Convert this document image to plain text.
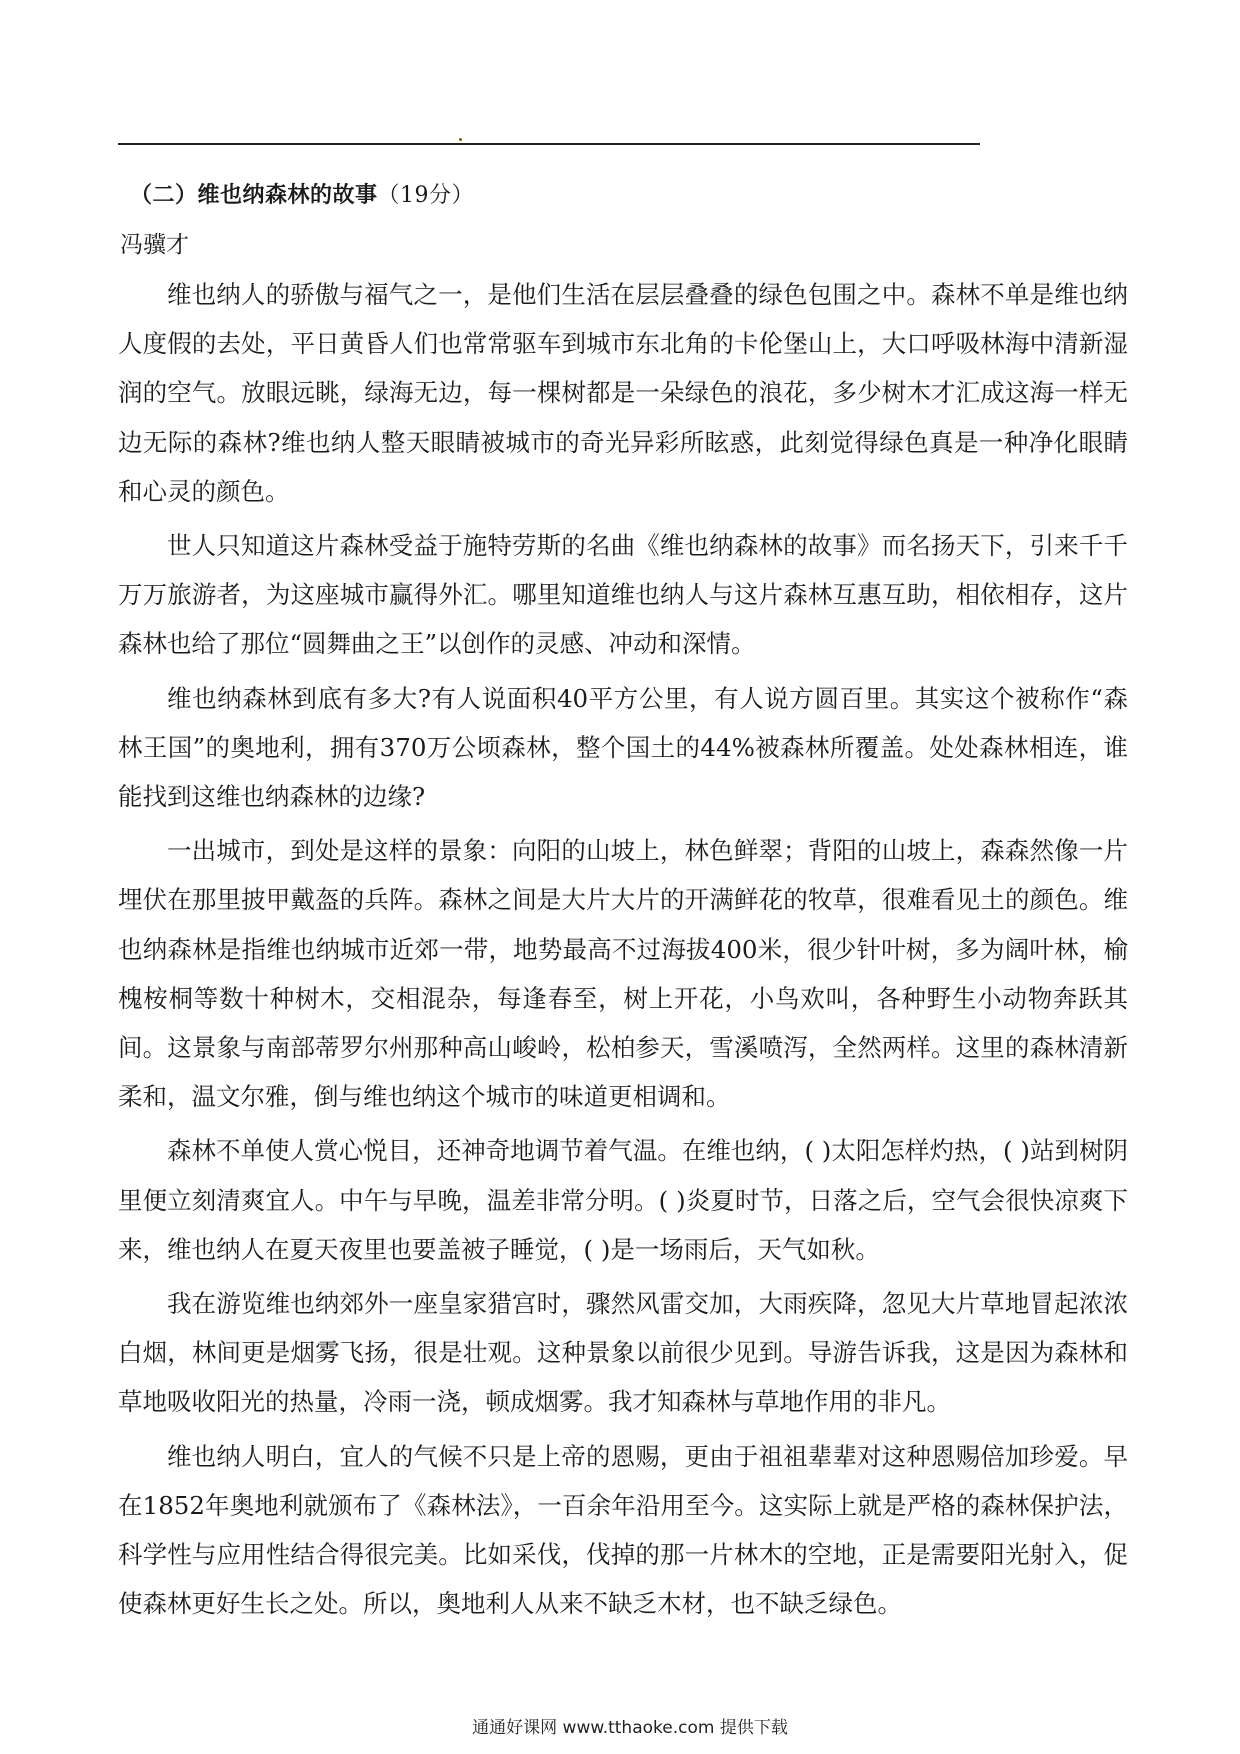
（二）维也纳森林的故事（19分）
冯骥才

维也纳人的骄傲与福气之一，是他们生活在层层叠叠的绿色包围之中。森林不单是维也纳人度假的去处，平日黄昏人们也常常驱车到城市东北角的卡伦堡山上，大口呼吸林海中清新湿润的空气。放眼远眺，绿海无边，每一棵树都是一朵绿色的浪花，多少树木才汇成这海一样无边无际的森林?维也纳人整天眼睛被城市的奇光异彩所眩惑，此刻觉得绿色真是一种净化眼睛和心灵的颜色。

世人只知道这片森林受益于施特劳斯的名曲《维也纳森林的故事》而名扬天下，引来千千万万旅游者，为这座城市赢得外汇。哪里知道维也纳人与这片森林互惠互助，相依相存，这片森林也给了那位“圆舞曲之王”以创作的灵感、冲动和深情。

维也纳森林到底有多大?有人说面积40平方公里，有人说方圆百里。其实这个被称作“森林王国”的奥地利，拥有370万公顷森林，整个国土的44%被森林所覆盖。处处森林相连，谁能找到这维也纳森林的边缘?

一出城市，到处是这样的景象：向阳的山坡上，林色鲜翠；背阳的山坡上，森森然像一片埋伏在那里披甲戴盔的兵阵。森林之间是大片大片的开满鲜花的牧草，很难看见土的颜色。维也纳森林是指维也纳城市近郊一带，地势最高不过海拔400米，很少针叶树，多为阔叶林，榆槐桉桐等数十种树木，交相混杂，每逢春至，树上开花，小鸟欢叫，各种野生小动物奔跃其间。这景象与南部蒂罗尔州那种高山峻岭，松柏参天，雪溪喷泻，全然两样。这里的森林清新柔和，温文尔雅，倒与维也纳这个城市的味道更相调和。

森林不单使人赏心悦目，还神奇地调节着气温。在维也纳，( )太阳怎样灼热，( )站到树阴里便立刻清爽宜人。中午与早晚，温差非常分明。( )炎夏时节，日落之后，空气会很快凉爽下来，维也纳人在夏天夜里也要盖被子睡觉，( )是一场雨后，天气如秋。

我在游览维也纳郊外一座皇家猎宫时，骤然风雷交加，大雨疾降，忽见大片草地冒起浓浓白烟，林间更是烟雾飞扬，很是壮观。这种景象以前很少见到。导游告诉我，这是因为森林和草地吸收阳光的热量，冷雨一浇，顿成烟雾。我才知森林与草地作用的非凡。

维也纳人明白，宜人的气候不只是上帝的恩赐，更由于祖祖辈辈对这种恩赐倍加珍爱。早在1852年奥地利就颁布了《森林法》，一百余年沿用至今。这实际上就是严格的森林保护法，科学性与应用性结合得很完美。比如采伐，伐掉的那一片林木的空地，正是需要阳光射入，促使森林更好生长之处。所以，奥地利人从来不缺乏木材，也不缺乏绿色。

通通好课网 www.tthaoke.com 提供下载
